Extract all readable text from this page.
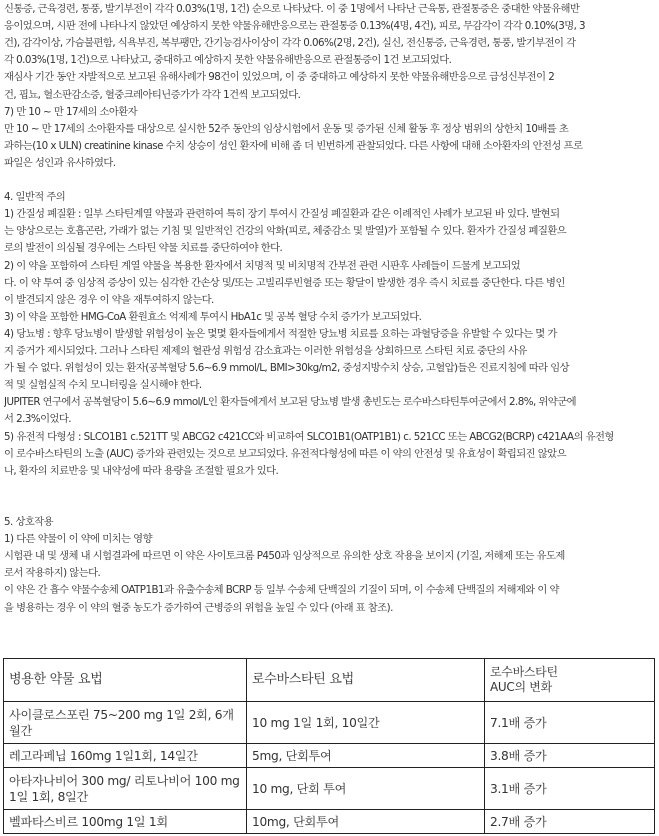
신통증, 근육경련, 통풍, 발기부전이 각각 0.03%(1명, 1건) 순으로 나타났다. 이 중 1명에서 나타난 근육통, 관절통증은 중대한 약물유해반
응이었으며, 시판 전에 나타나지 않았던 예상하지 못한 약물유해반응으로는 관절통증 0.13%(4명, 4건), 피로, 무감각이 각각 0.10%(3명, 3
건), 감각이상, 가슴불편함, 식욕부진, 복부팽만, 간기능검사이상이 각각 0.06%(2명, 2건), 실신, 전신통증, 근육경련, 통풍, 발기부전이 각
각 0.03%(1명, 1건)으로 나타났고, 중대하고 예상하지 못한 약물유해반응으로 관절통증이 1건 보고되었다.
재심사 기간 동안 자발적으로 보고된 유해사례가 98건이 있었으며, 이 중 중대하고 예상하지 못한 약물유해반응으로 급성신부전이 2
건, 핍뇨, 혈소판감소증, 혈중크레아티닌증가가 각각 1건씩 보고되었다.
7) 만 10 ~ 만 17세의 소아환자
만 10 ~ 만 17세의 소아환자를 대상으로 실시한 52주 동안의 임상시험에서 운동 및 증가된 신체 활동 후 정상 범위의 상한치 10배를 초
과하는(10 x ULN) creatinine kinase 수치 상승이 성인 환자에 비해 좀 더 빈번하게 관찰되었다. 다른 사항에 대해 소아환자의 안전성 프로
파일은 성인과 유사하였다.
4. 일반적 주의
1) 간질성 폐질환 : 일부 스타틴계열 약물과 관련하여 특히 장기 투여시 간질성 폐질환과 같은 이례적인 사례가 보고된 바 있다. 발현되
는 양상으로는 호흡곤란, 가래가 없는 기침 및 일반적인 건강의 악화(피로, 체중감소 및 발열)가 포함될 수 있다. 환자가 간질성 폐질환으
로의 발전이 의심될 경우에는 스타틴 약물 치료를 중단하여야 한다.
2) 이 약을 포함하여 스타틴 계열 약물을 복용한 환자에서 치명적 및 비치명적 간부전 관련 시판후 사례들이 드물게 보고되었
다. 이 약 투여 중 임상적 증상이 있는 심각한 간손상 및/또는 고빌리루빈혈증 또는 황달이 발생한 경우 즉시 치료를 중단한다. 다른 병인
이 발견되지 않은 경우 이 약을 재투여하지 않는다.
3) 이 약을 포함한 HMG-CoA 환원효소 억제제 투여시 HbA1c 및 공복 혈당 수치 증가가 보고되었다.
4) 당뇨병 : 향후 당뇨병이 발생할 위험성이 높은 몇몇 환자들에게서 적절한 당뇨병 치료를 요하는 과혈당증을 유발할 수 있다는 몇 가
지 증거가 제시되었다. 그러나 스타틴 제제의 혈관성 위험성 감소효과는 이러한 위험성을 상회하므로 스타틴 치료 중단의 사유
가 될 수 없다. 위험성이 있는 환자(공복혈당 5.6~6.9 mmol/L, BMI>30kg/m2, 중성지방수치 상승, 고혈압)들은 진료지침에 따라 임상
적 및 실험실적 수치 모니터링을 실시해야 한다.
JUPITER 연구에서 공복혈당이 5.6~6.9 mmol/L인 환자들에게서 보고된 당뇨병 발생 총빈도는 로수바스타틴투여군에서 2.8%, 위약군에
서 2.3%이었다.
5) 유전적 다형성 : SLCO1B1 c.521TT 및 ABCG2 c421CC와 비교하여 SLCO1B1(OATP1B1) c. 521CC 또는 ABCG2(BCRP) c421AA의 유전형
이 로수바스타틴의 노출 (AUC) 증가와 관련있는 것으로 보고되었다. 유전적다형성에 따른 이 약의 안전성 및 유효성이 확립되진 않았으
나, 환자의 치료반응 및 내약성에 따라 용량을 조절할 필요가 있다.
5. 상호작용
1) 다른 약물이 이 약에 미치는 영향
시험관 내 및 생체 내 시험결과에 따르면 이 약은 사이토크롬 P450과 임상적으로 유의한 상호 작용을 보이지 (기질, 저해제 또는 유도제
로서 작용하지) 않는다.
이 약은 간 흡수 약물수송체 OATP1B1과 유출수송체 BCRP 등 일부 수송체 단백질의 기질이 되며, 이 수송체 단백질의 저해제와 이 약
을 병용하는 경우 이 약의 혈중 농도가 증가하여 근병증의 위험을 높일 수 있다 (아래 표 참조).
병용한 약물 요법	로수바스타틴 요법	로수바스타틴
AUC의 변화
사이클로스포린 75~200 mg 1일 2회, 6개월간	10 mg 1일 1회, 10일간	7.1배 증가
레고라페닙 160mg 1일1회, 14일간	5mg, 단회투여	3.8배 증가
아타자나비어 300 mg/ 리토나비어 100 mg 1일 1회, 8일간	10 mg, 단회 투여	3.1배 증가
벨파타스비르 100mg 1일 1회	10mg, 단회투여	2.7배 증가
